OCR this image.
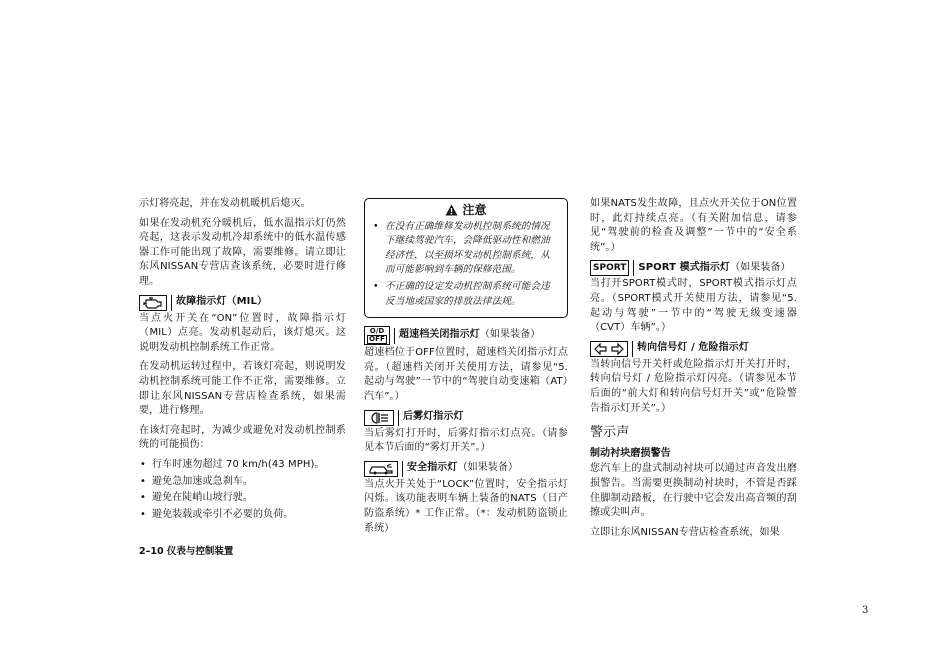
示灯将亮起，并在发动机暖机后熄灭。

如果在发动机充分暖机后，低水温指示灯仍然亮起，这表示发动机冷却系统中的低水温传感器工作可能出现了故障，需要维修。请立即让东风NISSAN专营店查该系统，必要时进行修理。

故障指示灯（MIL）

当点火开关在“ON”位置时，故障指示灯（MIL）点亮。发动机起动后，该灯熄灭。这说明发动机控制系统工作正常。

在发动机运转过程中，若该灯亮起，则说明发动机控制系统可能工作不正常，需要维修。立即让东风NISSAN专营店检查系统，如果需要，进行修理。

在该灯亮起时，为减少或避免对发动机控制系统的可能损伤：

• 行车时速勿超过 70 km/h(43 MPH)。
• 避免急加速或急刹车。
• 避免在陡峭山坡行驶。
• 避免装载或牵引不必要的负荷。
注意
• 在没有正确维修发动机控制系统的情况下继续驾驶汽车，会降低驱动性和燃油经济性，以至损坏发动机控制系统，从而可能影响到车辆的保修范围。
• 不正确的设定发动机控制系统可能会违反当地或国家的排放法律法规。
O/D
OFF 超速档关闭指示灯（如果装备）

超速档位于OFF位置时，超速档关闭指示灯点亮。（超速档关闭开关使用方法，请参见“5. 起动与驾驶”一节中的“驾驶自动变速箱（AT）汽车”。）

后雾灯指示灯

当后雾灯打开时，后雾灯指示灯点亮。（请参见本节后面的“雾灯开关”。）

安全指示灯（如果装备）

当点火开关处于“LOCK”位置时，安全指示灯闪烁。该功能表明车辆上装备的NATS（日产防盗系统）* 工作正常。（*：发动机防盗锁止系统）

如果NATS发生故障，且点火开关位于ON位置时，此灯持续点亮。（有关附加信息，请参见“驾驶前的检查及调整”一节中的“安全系统”。）

SPORT	SPORT 模式指示灯（如果装备）

当打开SPORT模式时，SPORT模式指示灯点亮。（SPORT模式开关使用方法，请参见“5. 起动与驾驶”一节中的“驾驶无级变速器（CVT）车辆”。）

转向信号灯 / 危险指示灯

当转向信号开关杆或危险指示灯开关打开时，转向信号灯 / 危险指示灯闪亮。（请参见本节后面的“前大灯和转向信号灯开关”或“危险警告指示灯开关”。）

警示声
制动衬块磨损警告

您汽车上的盘式制动衬块可以通过声音发出磨损警告。当需要更换制动衬块时，不管是否踩住脚制动踏板，在行驶中它会发出高音频的刮擦或尖叫声。

立即让东风NISSAN专营店检查系统，如果

2–10 仪表与控制装置
3
